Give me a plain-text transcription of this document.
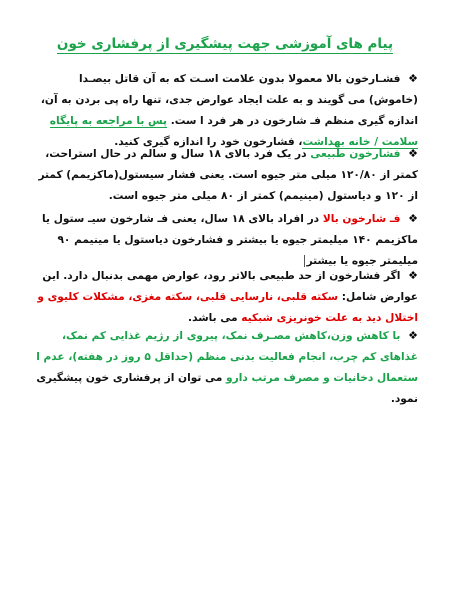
پیام های آموزشی جهت پیشگیری از پرفشاری خون
❖ فشـارخون بالا معمولا بدون علامت اسـت که به آن قاتل بیصـدا (خاموش) می گویند و به علت ایجاد عوارض جدی، تنها راه پی بردن به آن، اندازه گیری منظم فـ شارخون در هر فرد ا ست. پس با مراجعه به پایگاه سلامت / خانه بهداشت، فشارخون خود را اندازه گیری کنید.
❖ فشارخون طبیعی در یک فرد بالای ۱۸ سال و سالم در حال استراحت، کمتر از ۱۲۰/۸۰ میلی متر جیوه است. یعنی فشار سیستول(ماکزیمم) کمتر از ۱۲۰ و دیاستول (مینیمم) کمتر از ۸۰ میلی متر جیوه است.
❖ فـ شارخون بالا در افراد بالای ۱۸ سال، یعنی فـ شارخون سیـ ستول یا ماکزیمم ۱۴۰ میلیمتر جیوه یا بیشتر و فشارخون دیاستول یا مینیمم ۹۰ میلیمتر جیوه یا بیشتر
❖ اگر فشارخون از حد طبیعی بالاتر رود، عوارض مهمی بدنبال دارد. این عوارض شامل: سکته قلبی، نارسایی قلبی، سکته مغزی، مشکلات کلیوی و اختلال دید به علت خونریزی شبکیه می باشد.
❖ با کاهش وزن،کاهش مصـرف نمک، پیروی از رژیم غذایی کم نمک، غذاهای کم چرب، انجام فعالیت بدنی منظم (حداقل ۵ روز در هفته)، عدم ا ستعمال دخانیات و مصرف مرتب دارو می توان از پرفشاری خون پیشگیری نمود.
